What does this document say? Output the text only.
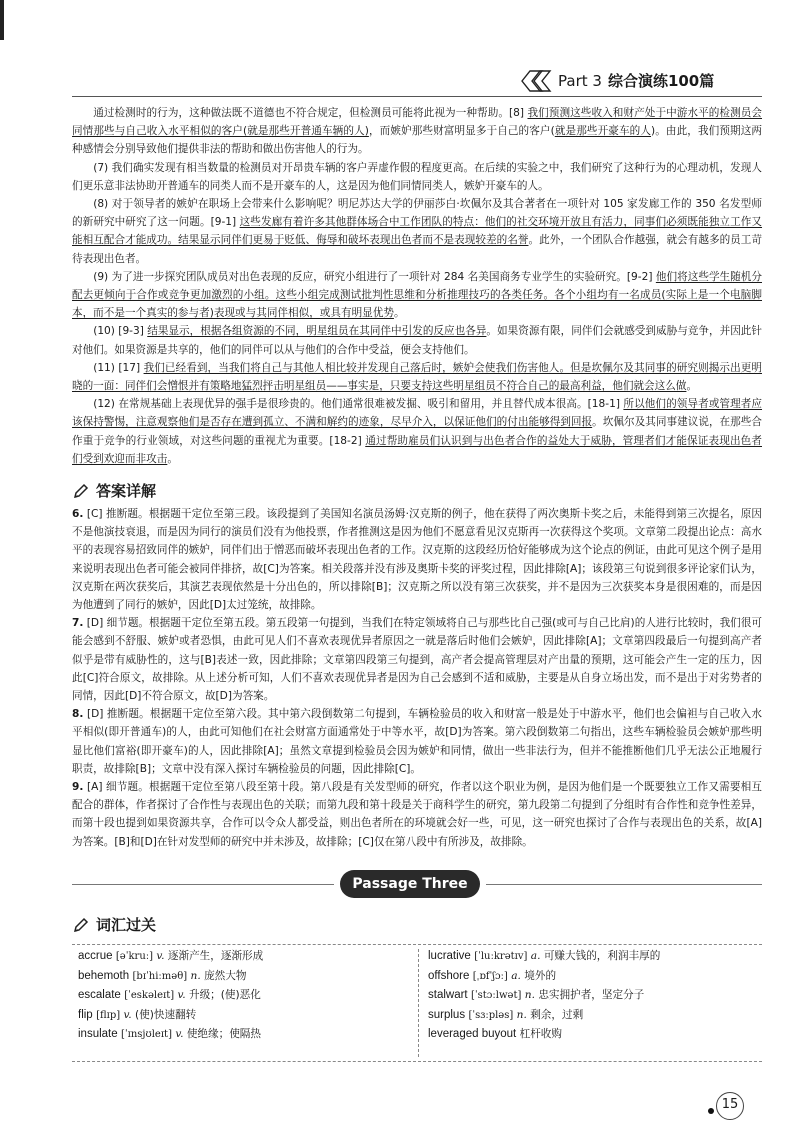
Part 3 综合演练100篇

通过检测时的行为，这种做法既不道德也不符合规定，但检测员可能将此视为一种帮助。[8] 我们预测这些收入和财产处于中游水平的检测员会同情那些与自己收入水平相似的客户(就是那些开普通车辆的人)，而嫉妒那些财富明显多于自己的客户(就是那些开豪车的人)。由此，我们预期这两种感情会分别导致他们提供非法的帮助和做出伤害他人的行为。

(7) 我们确实发现有相当数量的检测员对开昂贵车辆的客户弄虚作假的程度更高。在后续的实验之中，我们研究了这种行为的心理动机，发现人们更乐意非法协助开普通车的同类人而不是开豪车的人，这是因为他们同情同类人，嫉妒开豪车的人。

(8) 对于领导者的嫉妒在职场上会带来什么影响呢？明尼苏达大学的伊丽莎白·坎佩尔及其合著者在一项针对 105 家发廊工作的 350 名发型师的新研究中研究了这一问题。[9-1] 这些发廊有着许多其他群体场合中工作团队的特点：他们的社交环境开放且有活力，同事们必须既能独立工作又能相互配合才能成功。结果显示同伴们更易于贬低、侮辱和破坏表现出色者而不是表现较差的名誉。此外，一个团队合作越强，就会有越多的员工苛待表现出色者。

(9) 为了进一步探究团队成员对出色表现的反应，研究小组进行了一项针对 284 名美国商务专业学生的实验研究。[9-2] 他们将这些学生随机分配去更倾向于合作或竞争更加激烈的小组。这些小组完成测试批判性思维和分析推理技巧的各类任务。各个小组均有一名成员(实际上是一个电脑脚本，而不是一个真实的参与者)表现或与其同伴相似，或具有明显优势。

(10) [9-3] 结果显示，根据各组资源的不同，明星组员在其同伴中引发的反应也各异。如果资源有限，同伴们会就感受到威胁与竞争，并因此针对他们。如果资源是共享的，他们的同伴可以从与他们的合作中受益，便会支持他们。

(11) [17] 我们已经看到，当我们将自己与其他人相比较并发现自己落后时，嫉妒会使我们伤害他人。但是坎佩尔及其同事的研究则揭示出更明晓的一面：同伴们会憎恨并有策略地猛烈抨击明星组员——事实是，只要支持这些明星组员不符合自己的最高利益，他们就会这么做。

(12) 在常规基础上表现优异的强手是很珍贵的。他们通常很难被发掘、吸引和留用，并且替代成本很高。[18-1] 所以他们的领导者或管理者应该保持警惕，注意观察他们是否存在遭到孤立、不满和解约的迹象，尽早介入，以保证他们的付出能够得到回报。坎佩尔及其同事建议说，在那些合作重于竞争的行业领域，对这些问题的重视尤为重要。[18-2] 通过帮助雇员们认识到与出色者合作的益处大于威胁，管理者们才能保证表现出色者们受到欢迎而非攻击。

答案详解
6. [C] 推断题。根据题干定位至第三段。该段提到了美国知名演员汤姆·汉克斯的例子，他在获得了两次奥斯卡奖之后，未能得到第三次提名，原因不是他演技衰退，而是因为同行的演员们没有为他投票，作者推测这是因为他们不愿意看见汉克斯再一次获得这个奖项。文章第二段提出论点：高水平的表现容易招致同伴的嫉妒，同伴们出于憎恶而破坏表现出色者的工作。汉克斯的这段经历恰好能够成为这个论点的例证，由此可见这个例子是用来说明表现出色者可能会被同伴排挤，故[C]为答案。相关段落并没有涉及奥斯卡奖的评奖过程，因此排除[A]；该段第三句说到很多评论家们认为，汉克斯在两次获奖后，其演艺表现依然是十分出色的，所以排除[B]；汉克斯之所以没有第三次获奖，并不是因为三次获奖本身是很困难的，而是因为他遭到了同行的嫉妒，因此[D]太过笼统，故排除。
7. [D] 细节题。根据题干定位至第五段。第五段第一句提到，当我们在特定领域将自己与那些比自己强(或可与自己比肩)的人进行比较时，我们很可能会感到不舒服、嫉妒或者恐惧，由此可见人们不喜欢表现优异者原因之一就是落后时他们会嫉妒，因此排除[A]；文章第四段最后一句提到高产者似乎是带有威胁性的，这与[B]表述一致，因此排除；文章第四段第三句提到，高产者会提高管理层对产出量的预期，这可能会产生一定的压力，因此[C]符合原文，故排除。从上述分析可知，人们不喜欢表现优异者是因为自己会感到不适和威胁，主要是从自身立场出发，而不是出于对劣势者的同情，因此[D]不符合原文，故[D]为答案。
8. [D] 推断题。根据题干定位至第六段。其中第六段倒数第二句提到，车辆检验员的收入和财富一般是处于中游水平，他们也会偏袒与自己收入水平相似(即开普通车)的人，由此可知他们在社会财富方面通常处于中等水平，故[D]为答案。第六段倒数第二句指出，这些车辆检验员会嫉妒那些明显比他们富裕(即开豪车)的人，因此排除[A]；虽然文章提到检验员会因为嫉妒和同情，做出一些非法行为，但并不能推断他们几乎无法公正地履行职责，故排除[B]；文章中没有深入探讨车辆检验员的问题，因此排除[C]。
9. [A] 细节题。根据题干定位至第八段至第十段。第八段是有关发型师的研究，作者以这个职业为例，是因为他们是一个既要独立工作又需要相互配合的群体，作者探讨了合作性与表现出色的关联；而第九段和第十段是关于商科学生的研究，第九段第二句提到了分组时有合作性和竞争性差异，而第十段也提到如果资源共享，合作可以令众人都受益，则出色者所在的环境就会好一些，可见，这一研究也探讨了合作与表现出色的关系，故[A]为答案。[B]和[D]在针对发型师的研究中并未涉及，故排除；[C]仅在第八段中有所涉及，故排除。
Passage Three
词汇过关
accrue [əˈkruː] v. 逐渐产生，逐渐形成
behemoth [bɪˈhiːməθ] n. 庞然大物
escalate [ˈeskəleɪt] v. 升级；(使)恶化
flip [flɪp] v. (使)快速翻转
insulate [ˈɪnsjʊleɪt] v. 使绝缘；使隔热
lucrative [ˈluːkrətɪv] a. 可赚大钱的，利润丰厚的
offshore [ˌɒfˈʃɔː] a. 境外的
stalwart [ˈstɔːlwət] n. 忠实拥护者，坚定分子
surplus [ˈsɜːpləs] n. 剩余，过剩
leveraged buyout 杠杆收购
15
